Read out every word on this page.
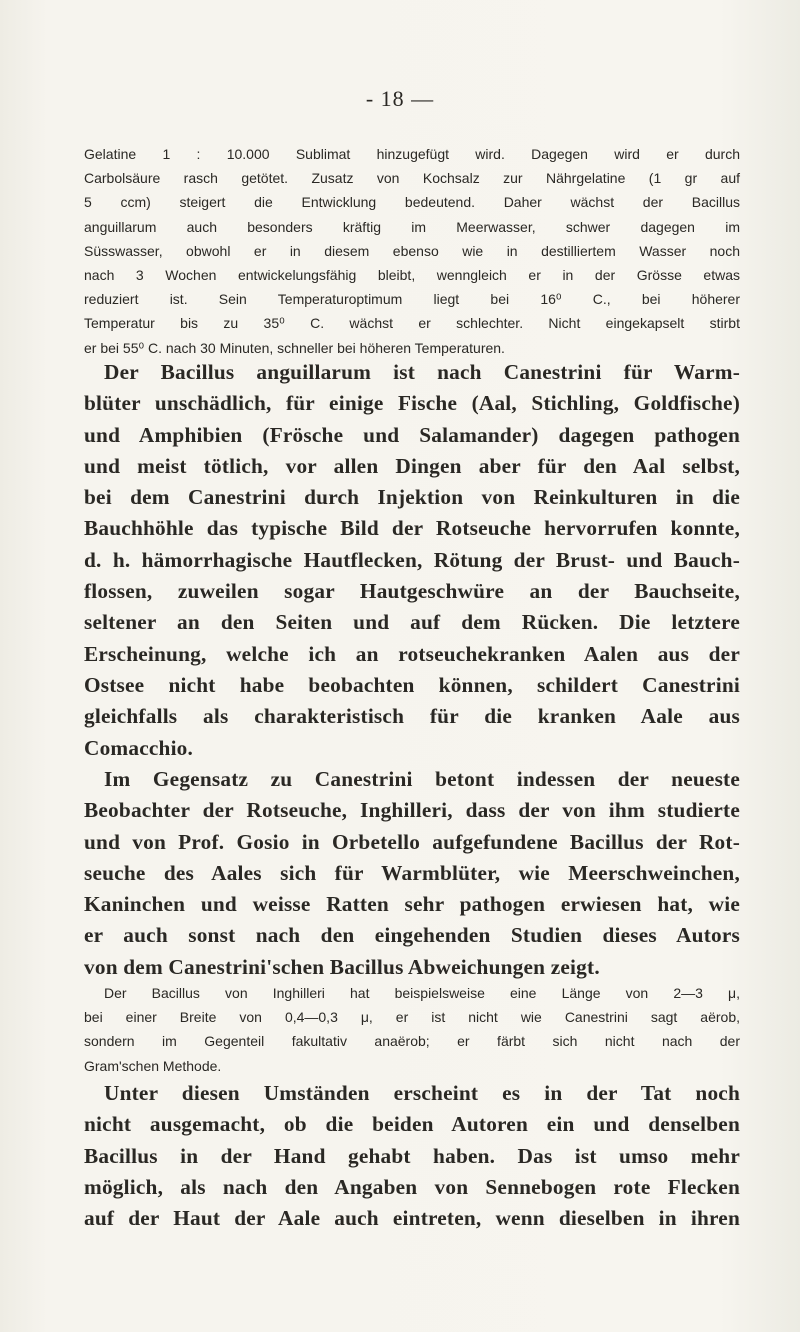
- 18 —
Gelatine 1 : 10.000 Sublimat hinzugefügt wird. Dagegen wird er durch
Carbolsäure rasch getötet. Zusatz von Kochsalz zur Nährgelatine (1 gr auf
5 ccm) steigert die Entwicklung bedeutend. Daher wächst der Bacillus
anguillarum auch besonders kräftig im Meerwasser, schwer dagegen im
Süsswasser, obwohl er in diesem ebenso wie in destilliertem Wasser noch
nach 3 Wochen entwickelungsfähig bleibt, wenngleich er in der Grösse etwas
reduziert ist. Sein Temperaturoptimum liegt bei 16⁰ C., bei höherer
Temperatur bis zu 35⁰ C. wächst er schlechter. Nicht eingekapselt stirbt
er bei 55⁰ C. nach 30 Minuten, schneller bei höheren Temperaturen.
Der Bacillus anguillarum ist nach Canestrini für Warm-
blüter unschädlich, für einige Fische (Aal, Stichling, Goldfische)
und Amphibien (Frösche und Salamander) dagegen pathogen
und meist tötlich, vor allen Dingen aber für den Aal selbst,
bei dem Canestrini durch Injektion von Reinkulturen in die
Bauchhöhle das typische Bild der Rotseuche hervorrufen konnte,
d. h. hämorrhagische Hautflecken, Rötung der Brust- und Bauch-
flossen, zuweilen sogar Hautgeschwüre an der Bauchseite,
seltener an den Seiten und auf dem Rücken. Die letztere
Erscheinung, welche ich an rotseuchekranken Aalen aus der
Ostsee nicht habe beobachten können, schildert Canestrini
gleichfalls als charakteristisch für die kranken Aale aus
Comacchio.
Im Gegensatz zu Canestrini betont indessen der neueste
Beobachter der Rotseuche, Inghilleri, dass der von ihm studierte
und von Prof. Gosio in Orbetello aufgefundene Bacillus der Rot-
seuche des Aales sich für Warmblüter, wie Meerschweinchen,
Kaninchen und weisse Ratten sehr pathogen erwiesen hat, wie
er auch sonst nach den eingehenden Studien dieses Autors
von dem Canestrini'schen Bacillus Abweichungen zeigt.
Der Bacillus von Inghilleri hat beispielsweise eine Länge von 2—3 μ,
bei einer Breite von 0,4—0,3 μ, er ist nicht wie Canestrini sagt aërob,
sondern im Gegenteil fakultativ anaërob; er färbt sich nicht nach der
Gram'schen Methode.
Unter diesen Umständen erscheint es in der Tat noch
nicht ausgemacht, ob die beiden Autoren ein und denselben
Bacillus in der Hand gehabt haben. Das ist umso mehr
möglich, als nach den Angaben von Sennebogen rote Flecken
auf der Haut der Aale auch eintreten, wenn dieselben in ihren
